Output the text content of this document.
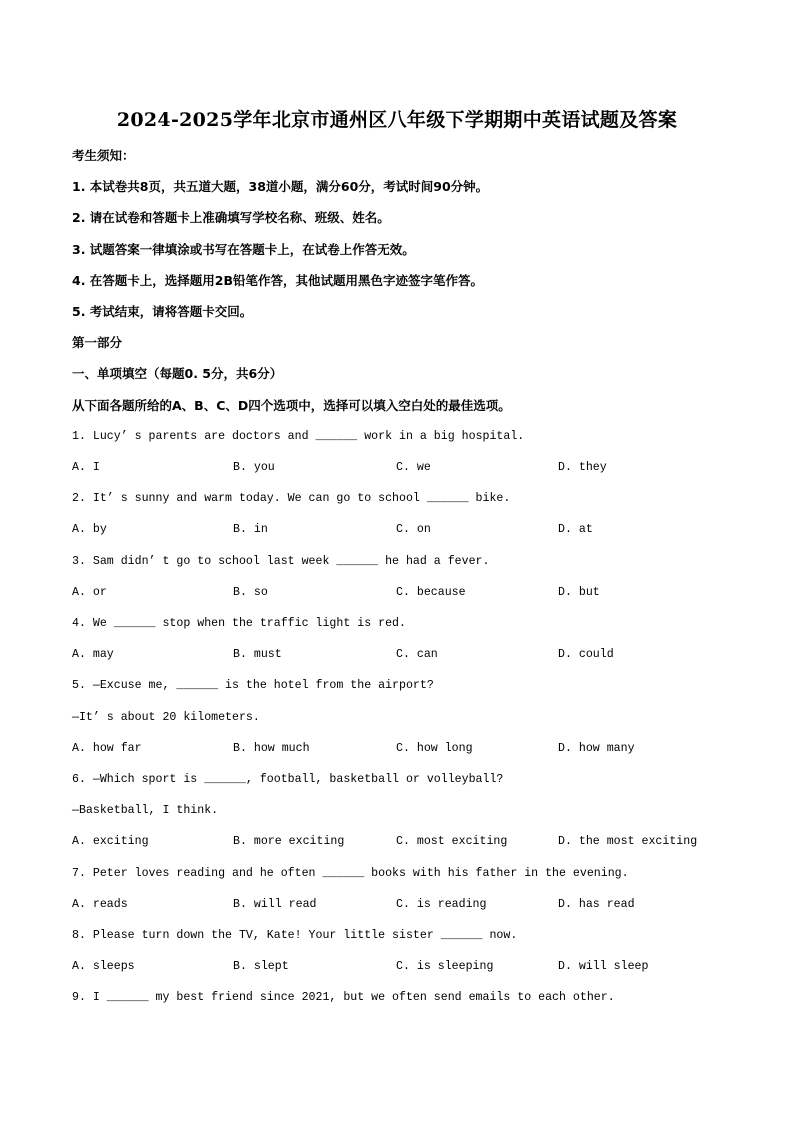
2024-2025学年北京市通州区八年级下学期期中英语试题及答案
考生须知：
1. 本试卷共8页，共五道大题，38道小题，满分60分，考试时间90分钟。
2. 请在试卷和答题卡上准确填写学校名称、班级、姓名。
3. 试题答案一律填涂或书写在答题卡上，在试卷上作答无效。
4. 在答题卡上，选择题用2B铅笔作答，其他试题用黑色字迹签字笔作答。
5. 考试结束，请将答题卡交回。
第一部分
一、单项填空（每题0. 5分，共6分）
从下面各题所给的A、B、C、D四个选项中，选择可以填入空白处的最佳选项。
1. Lucy’ s parents are doctors and ______ work in a big hospital.
A. I	B. you	C. we	D. they
2. It’ s sunny and warm today. We can go to school ______ bike.
A. by	B. in	C. on	D. at
3. Sam didn’ t go to school last week ______ he had a fever.
A. or	B. so	C. because	D. but
4. We ______ stop when the traffic light is red.
A. may	B. must	C. can	D. could
5. —Excuse me, ______ is the hotel from the airport?
—It’ s about 20 kilometers.
A. how far	B. how much	C. how long	D. how many
6. —Which sport is ______, football, basketball or volleyball?
—Basketball, I think.
A. exciting	B. more exciting	C. most exciting	D. the most exciting
7. Peter loves reading and he often ______ books with his father in the evening.
A. reads	B. will read	C. is reading	D. has read
8. Please turn down the TV, Kate! Your little sister ______ now.
A. sleeps	B. slept	C. is sleeping	D. will sleep
9. I ______ my best friend since 2021, but we often send emails to each other.
